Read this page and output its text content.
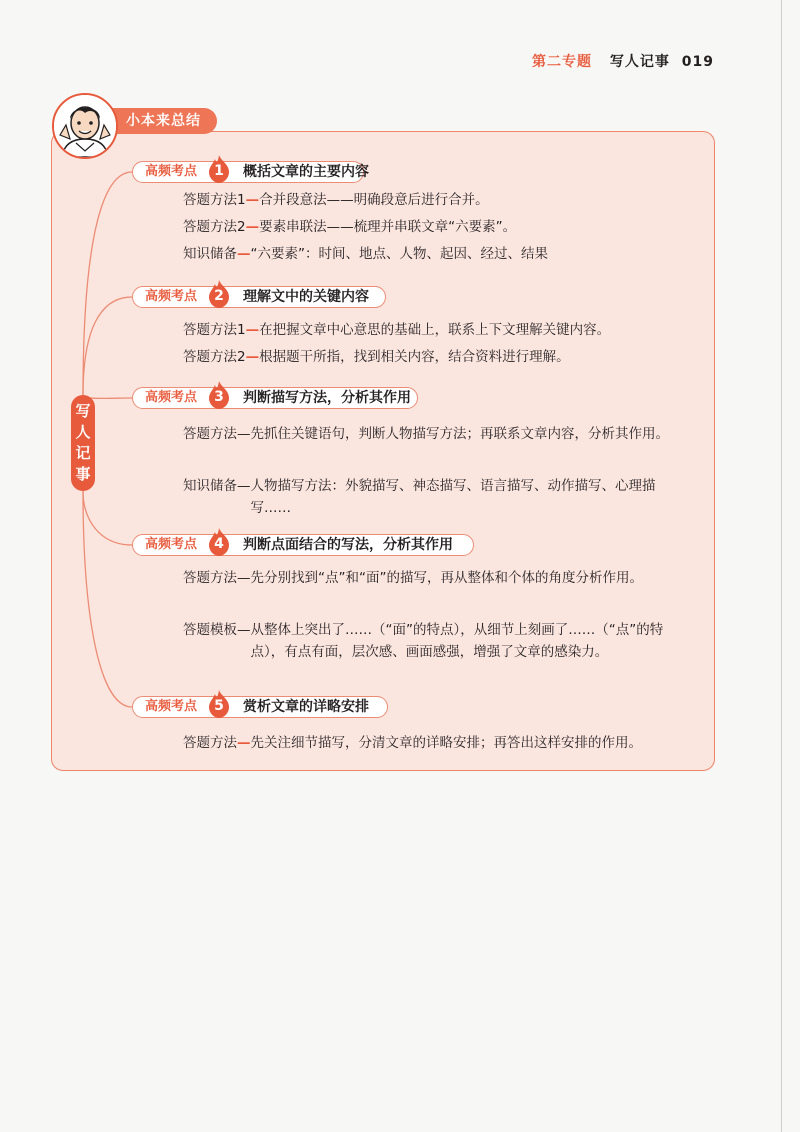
第二专题 写人记事 019
写
人
记
事
小本来总结
高频考点	1	概括文章的主要内容
答题方法1—合并段意法——明确段意后进行合并。
答题方法2—要素串联法——梳理并串联文章“六要素”。
知识储备—“六要素”：时间、地点、人物、起因、经过、结果
高频考点	2	理解文中的关键内容
答题方法1—在把握文章中心意思的基础上，联系上下文理解关键内容。
答题方法2—根据题干所指，找到相关内容，结合资料进行理解。
高频考点	3	判断描写方法，分析其作用
答题方法 — 先抓住关键语句，判断人物描写方法；再联系文章内容，分析其作用。
知识储备 — 人物描写方法：外貌描写、神态描写、语言描写、动作描写、心理描写……
高频考点	4	判断点面结合的写法，分析其作用
答题方法 — 先分别找到“点”和“面”的描写，再从整体和个体的角度分析作用。
答题模板 — 从整体上突出了……（“面”的特点），从细节上刻画了……（“点”的特点），有点有面，层次感、画面感强，增强了文章的感染力。
高频考点	5	赏析文章的详略安排
答题方法—先关注细节描写，分清文章的详略安排；再答出这样安排的作用。
